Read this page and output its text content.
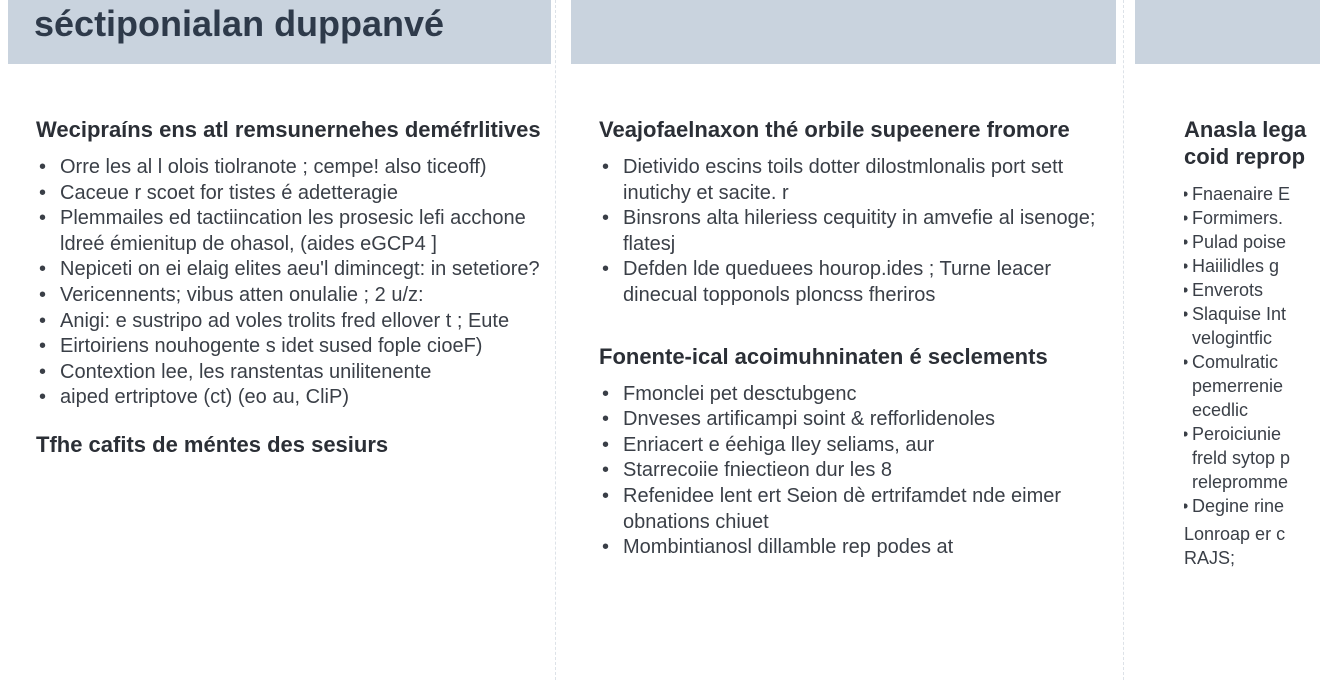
séctiponialan duppanvé
Wecipraíns ens atl remsunernehes deméfrlitives
• Orre les al l olois tiolranote ; cempe! also ticeoff)
• Caceue r scoet for tistes é adetteragie
• Plemmailes ed tactiincation les prosesic lefi acchone ldreé émienitup de ohasol, (aides eGCP4 ]
• Nepiceti on ei elaig elites aeu'l dimincegt: in setetiore?
• Vericennents; vibus atten onulalie ; 2 u/z:
• Anigi: e sustripo ad voles trolits fred ellover t ; Eute
• Eirtoiriens nouhogente s idet sused fople cioeF)
• Contextion lee, les ranstentas unilitenente
• aiped ertriptove (ct) (eo au, CliP)
Tfhe cafits de méntes des sesiurs
Veajofaelnaxon thé orbile supeenere fromore
• Dietivido escins toils dotter dilostmlonalis port sett inutichy et sacite. r
• Binsrons alta hileriess cequitity in amvefie al isenoge; flatesj
• Defden lde queduees hourop.ides ; Turne leacer dinecual topponols ploncss fheriros
Fonente-ical acoimuhninaten é seclements
• Fmonclei pet desctubgenc
• Dnveses artificampi soint & refforlidenoles
• Enriacert e éehiga lley seliams, aur
• Starrecoiie fniectieon dur les 8
• Refenidee lent ert Seion dè ertrifamdet nde eimer obnations chiuet
• Mombintianosl dillamble rep podes at
Anasla lega coid reprop
• Fnaenaire E
• Formimers.
• Pulad poise
• Haiilidles g
• Enverots
• Slaquise Int velogintfic
• Comulratic pemerrenie ecedlic
• Peroiciunie freld sytop p relepromme
• Degine rine

Lonroap er c RAJS;
